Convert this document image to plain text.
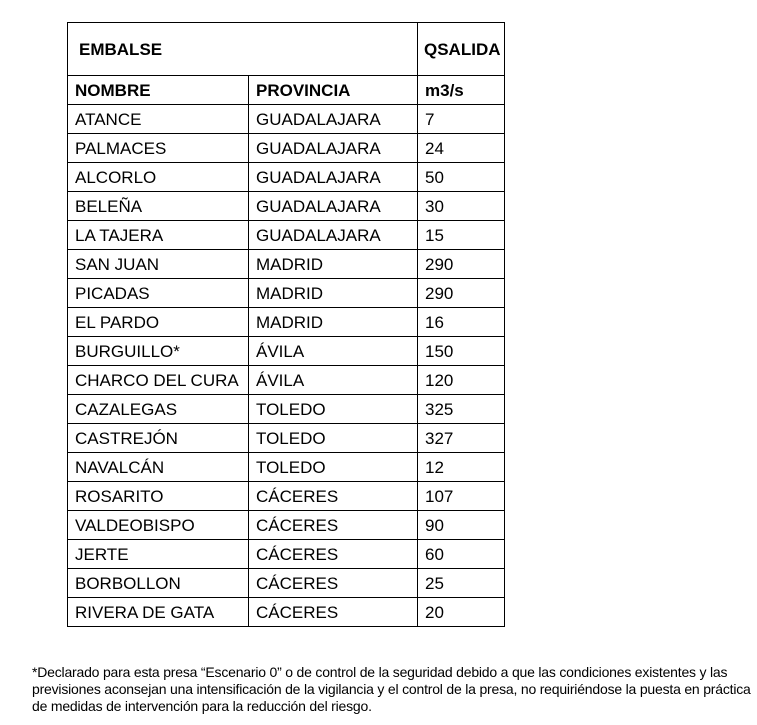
EMBALSE		QSALIDA
NOMBRE	PROVINCIA	m3/s
ATANCE	GUADALAJARA	7
PALMACES	GUADALAJARA	24
ALCORLO	GUADALAJARA	50
BELEÑA	GUADALAJARA	30
LA TAJERA	GUADALAJARA	15
SAN JUAN	MADRID	290
PICADAS	MADRID	290
EL PARDO	MADRID	16
BURGUILLO*	ÁVILA	150
CHARCO DEL CURA	ÁVILA	120
CAZALEGAS	TOLEDO	325
CASTREJÓN	TOLEDO	327
NAVALCÁN	TOLEDO	12
ROSARITO	CÁCERES	107
VALDEOBISPO	CÁCERES	90
JERTE	CÁCERES	60
BORBOLLON	CÁCERES	25
RIVERA DE GATA	CÁCERES	20
*Declarado para esta presa “Escenario 0” o de control de la seguridad debido a que las condiciones existentes y las previsiones aconsejan una intensificación de la vigilancia y el control de la presa, no requiriéndose la puesta en práctica de medidas de intervención para la reducción del riesgo.
